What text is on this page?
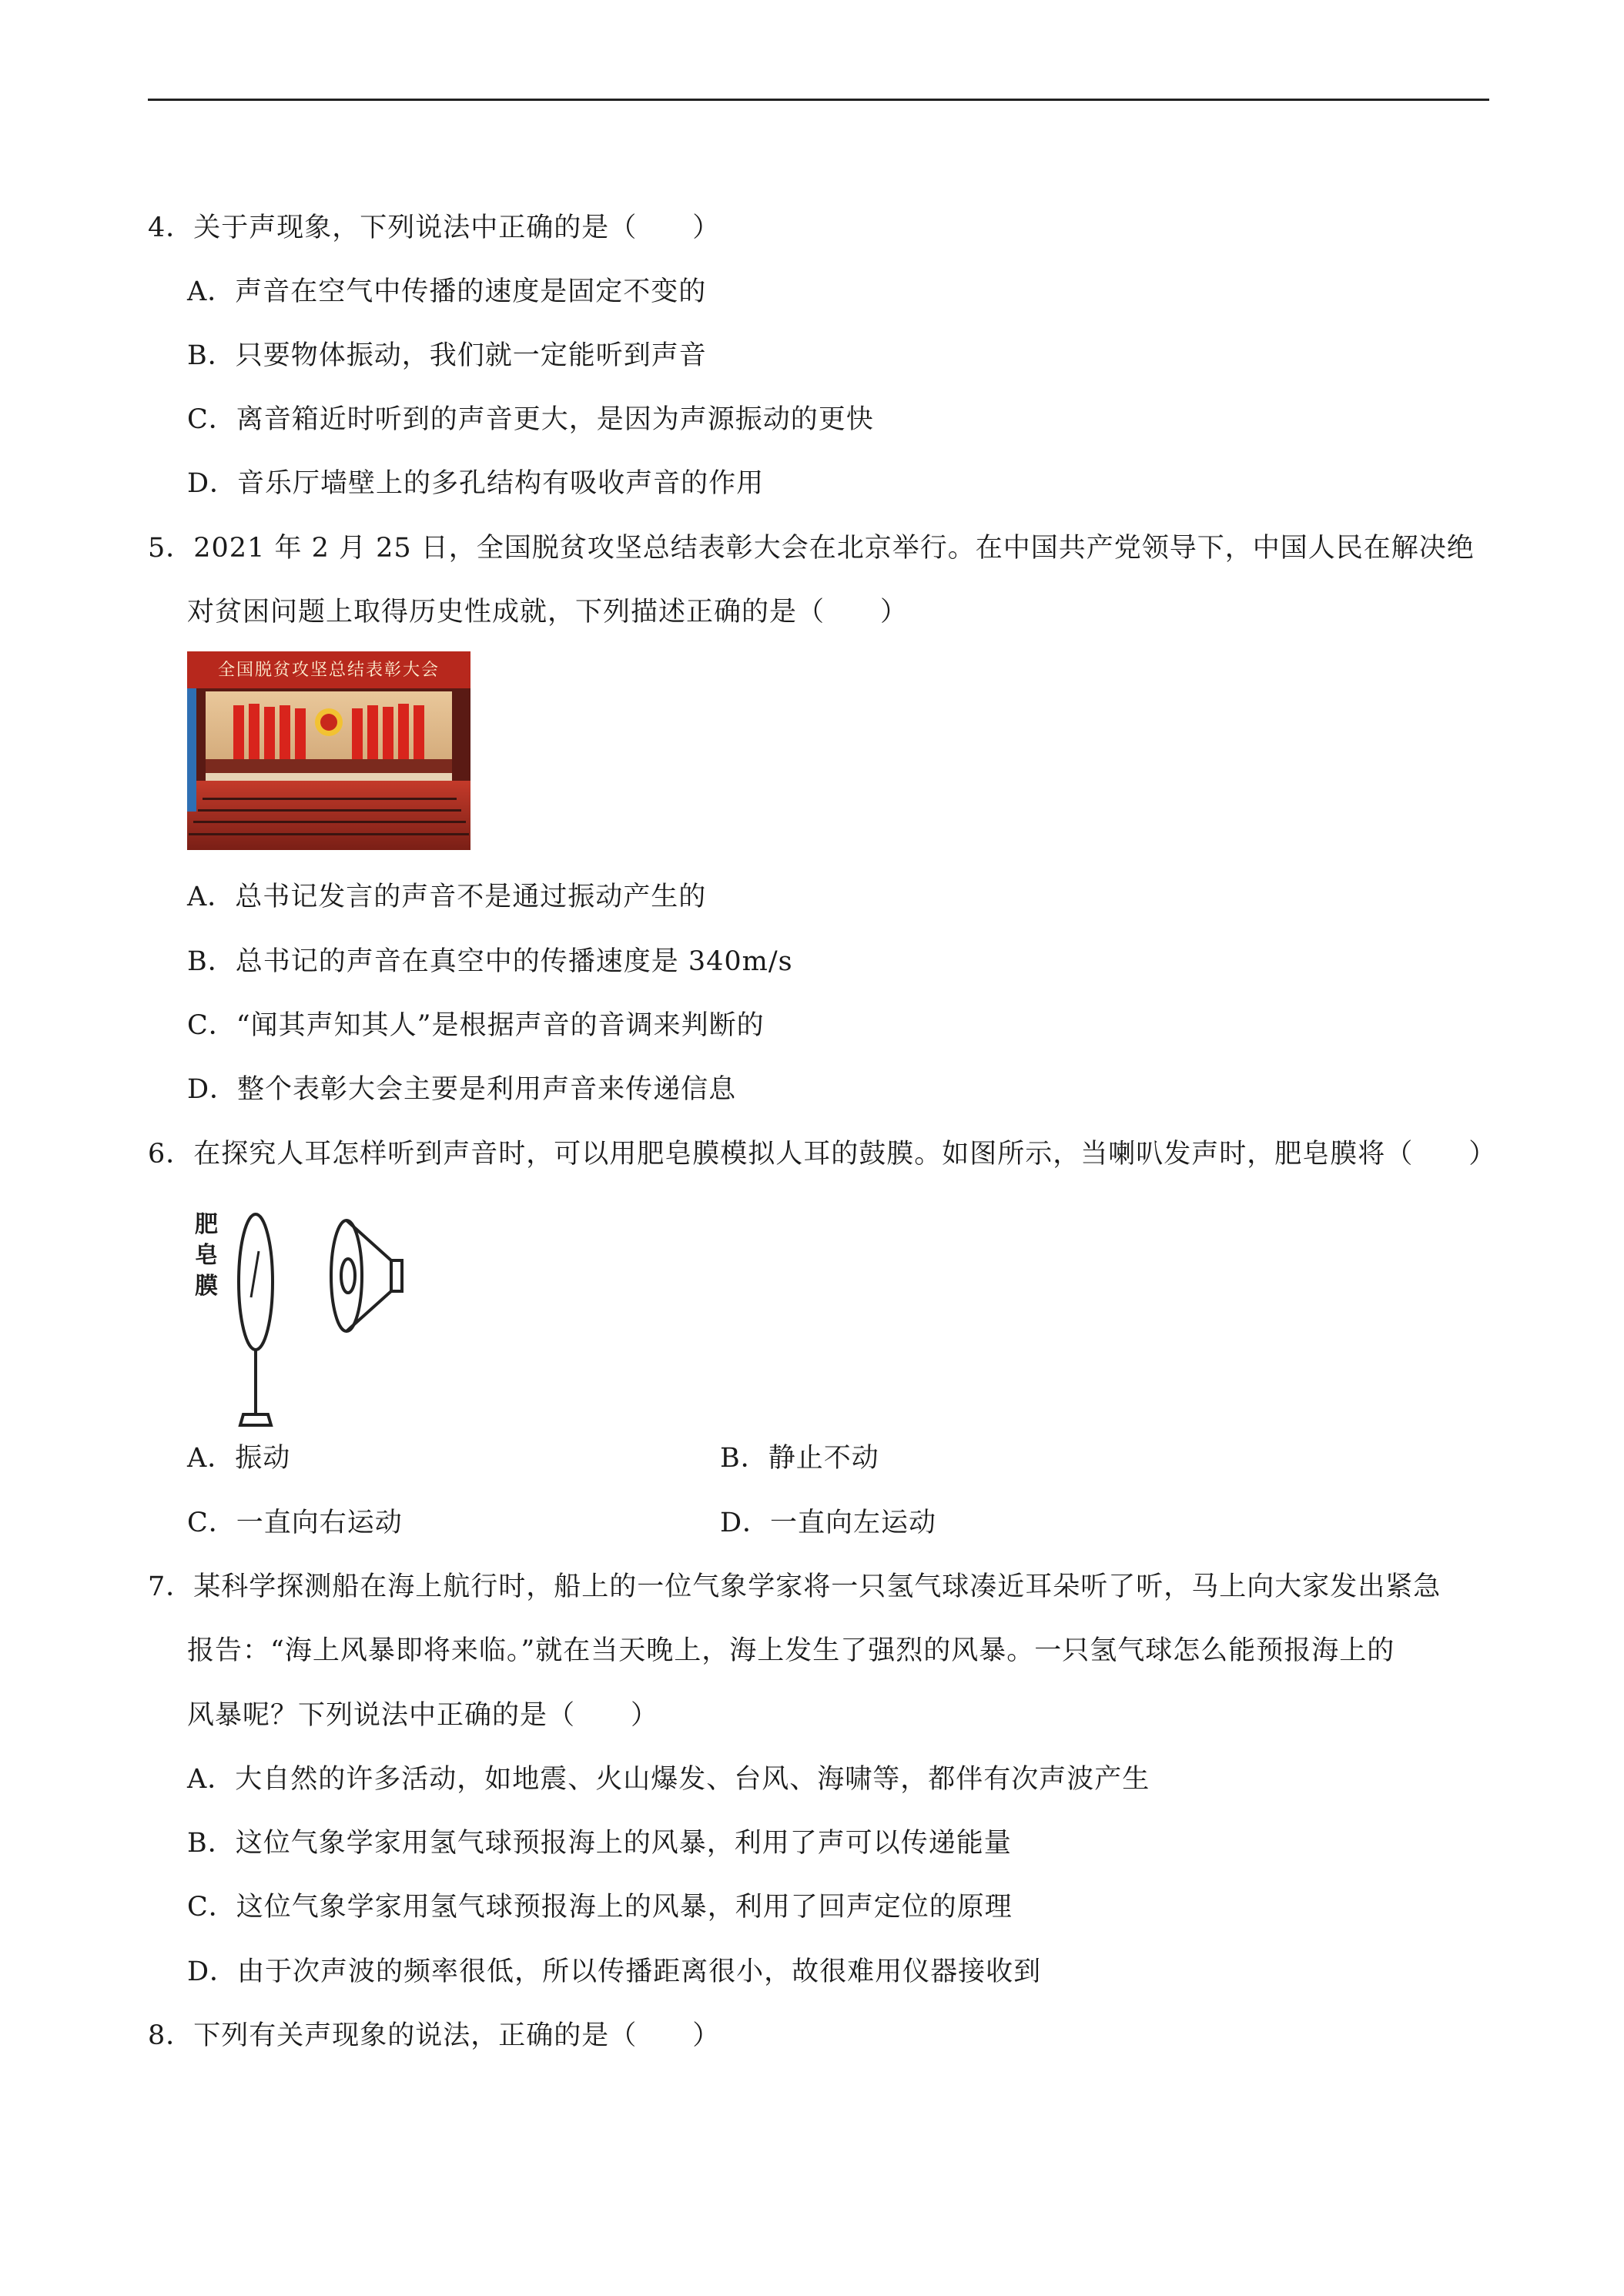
4．关于声现象，下列说法中正确的是（　　）
A．声音在空气中传播的速度是固定不变的
B．只要物体振动，我们就一定能听到声音
C．离音箱近时听到的声音更大，是因为声源振动的更快
D．音乐厅墙壁上的多孔结构有吸收声音的作用
5．2021 年 2 月 25 日，全国脱贫攻坚总结表彰大会在北京举行。在中国共产党领导下，中国人民在解决绝
对贫困问题上取得历史性成就，下列描述正确的是（　　）
全国脱贫攻坚总结表彰大会
A．总书记发言的声音不是通过振动产生的
B．总书记的声音在真空中的传播速度是 340m/s
C．“闻其声知其人”是根据声音的音调来判断的
D．整个表彰大会主要是利用声音来传递信息
6．在探究人耳怎样听到声音时，可以用肥皂膜模拟人耳的鼓膜。如图所示，当喇叭发声时，肥皂膜将（　　）
肥
皂
膜
A．振动	B．静止不动
C．一直向右运动	D．一直向左运动
7．某科学探测船在海上航行时，船上的一位气象学家将一只氢气球凑近耳朵听了听，马上向大家发出紧急
报告：“海上风暴即将来临。”就在当天晚上，海上发生了强烈的风暴。一只氢气球怎么能预报海上的
风暴呢？下列说法中正确的是（　　）
A．大自然的许多活动，如地震、火山爆发、台风、海啸等，都伴有次声波产生
B．这位气象学家用氢气球预报海上的风暴，利用了声可以传递能量
C．这位气象学家用氢气球预报海上的风暴，利用了回声定位的原理
D．由于次声波的频率很低，所以传播距离很小，故很难用仪器接收到
8．下列有关声现象的说法，正确的是（　　）
